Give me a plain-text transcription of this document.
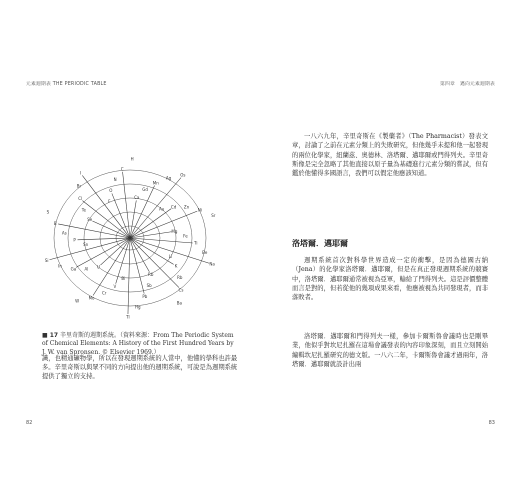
元素週期表 THE PERIODIC TABLE
Ca
Gd
Mn
Ag
Os
Au Cd Zn
Ni
Sr
Mg
Fe
Ti
Be
Na
Li
K
Rb
Cs
Ba
Rb
Sb
Pb
Hg
Tl
Bi
V
Cr
Mo
W
U
Al
Ga
In
Si
Sn
P
As
B
S
Se
Te
Cl
Br
I
F
O
N
C
H
■ 17 辛里奇斯的週期系統。（資料來源：From The Periodic System of Chemical Elements: A History of the First Hundred Years by J. W. van Spronsen. © Elsevier 1969.）

識，也精通礦物學，所以在發現週期系統的人當中，他懂的學科也許最多。辛里奇斯以與眾不同的方向提出他的週期系統，可說是為週期系統提供了獨立的支持。

82
第四章　邁向元素週期表

一八六九年，辛里奇斯在《製藥者》（The Pharmacist）發表文章，討論了之前在元素分類上的失敗研究，但他幾乎未提和他一起發現的兩位化學家，紐蘭茲、奧德林、洛塔爾、邁耶爾或門得列夫。辛里奇斯像是完全忽略了其他直接以原子量為基礎進行元素分類的嘗試，但有鑑於他懂得多國語言，我們可以假定他應該知道。

洛塔爾．邁耶爾

週期系統首次對科學世界造成一定的衝擊，是因為德國古納（Jena）的化學家洛塔爾．邁耶爾，但是在真正發現週期系統的競賽中，洛塔爾．邁耶爾通常被視為亞軍，輸給了門得列夫。這是評價整體而言是對的，但若從他的幾項成果來看，他應被視為共同發現者，而非落敗者。

洛塔爾．邁耶爾和門得列夫一樣，參加卡爾斯魯會議時也是剛畢業，他似乎對坎尼扎羅在這場會議發表的內容印象深刻，而且立刻開始編輯坎尼扎羅研究的德文版。一八六二年，卡爾斯魯會議才過兩年，洛塔爾．邁耶爾就設計出兩

83
